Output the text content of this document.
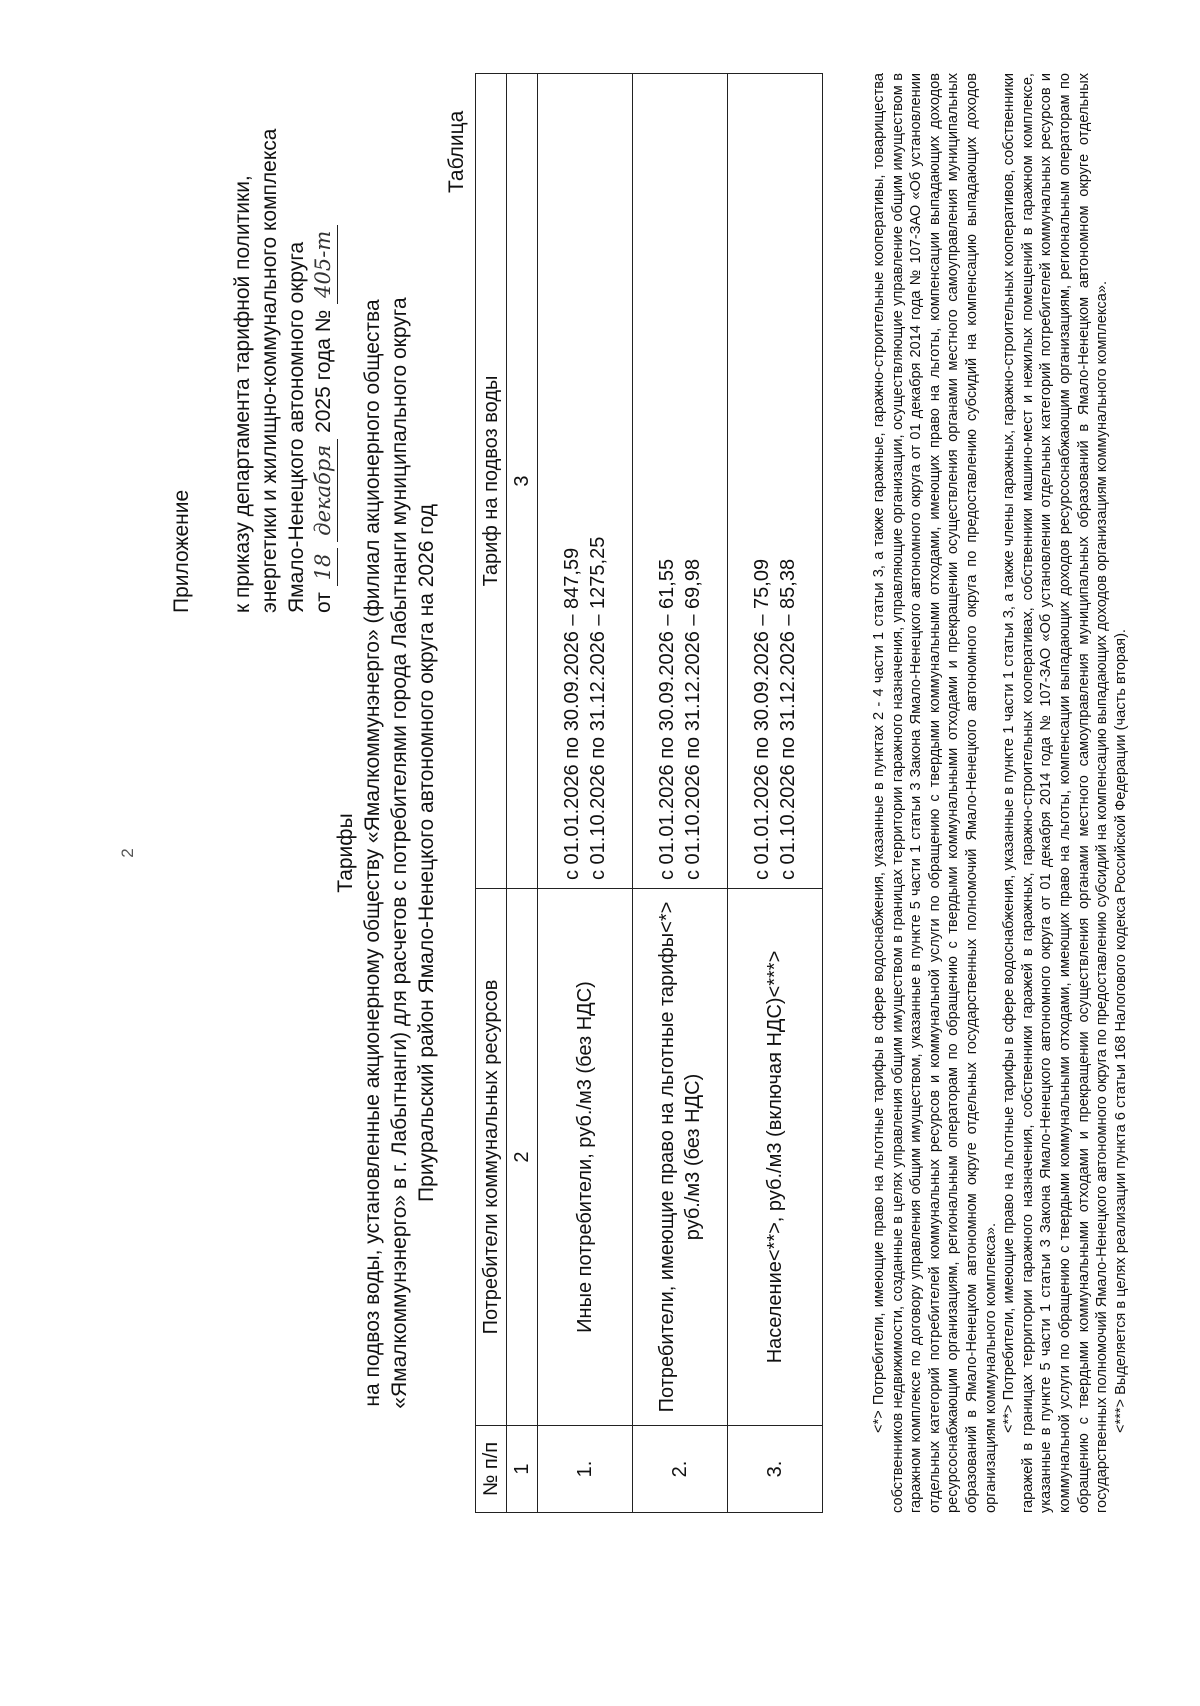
2
Приложение к приказу департамента тарифной политики, энергетики и жилищно-коммунального комплекса Ямало-Ненецкого автономного округа от 18 декабря 2025 года № 405-т
Тарифы на подвоз воды, установленные акционерному обществу «Ямалкоммунэнерго» (филиал акционерного общества «Ямалкоммунэнерго» в г. Лабытнанги) для расчетов с потребителями города Лабытнанги муниципального округа Приуральский район Ямало-Ненецкого автономного округа на 2026 год
Таблица
№ п/п	Потребители коммунальных ресурсов	Тариф на подвоз воды
1	2	3
1.	Иные потребители, руб./м3 (без НДС)	с 01.01.2026 по 30.09.2026 – 847,59 с 01.10.2026 по 31.12.2026 – 1275,25

2.	Потребители, имеющие право на льготные тарифы<*> руб./м3 (без НДС)	с 01.01.2026 по 30.09.2026 – 61,55 с 01.10.2026 по 31.12.2026 – 69,98

3.	Население<**>, руб./м3 (включая НДС)<***>	с 01.01.2026 по 30.09.2026 – 75,09 с 01.10.2026 по 31.12.2026 – 85,38	<*> Потребители, имеющие право на льготные тарифы в сфере водоснабжения, указанные в пунктах 2 - 4 части 1 статьи 3, а также гаражные, гаражно-строительные кооперативы, товарищества собственников недвижимости, созданные в целях управления общим имуществом в границах территории гаражного назначения, управляющие организации, осуществляющие управление общим имуществом в гаражном комплексе по договору управления общим имуществом, указанные в пункте 5 части 1 статьи 3 Закона Ямало-Ненецкого автономного округа от 01 декабря 2014 года № 107-ЗАО «Об установлении отдельных категорий потребителей коммунальных ресурсов и коммунальной услуги по обращению с твердыми коммунальными отходами, имеющих право на льготы, компенсации выпадающих доходов ресурсоснабжающим организациям, региональным операторам по обращению с твердыми коммунальными отходами и прекращении осуществления органами местного самоуправления муниципальных образований в Ямало-Ненецком автономном округе отдельных государственных полномочий Ямало-Ненецкого автономного округа по предоставлению субсидий на компенсацию выпадающих доходов организациям коммунального комплекса». <**> Потребители, имеющие право на льготные тарифы в сфере водоснабжения, указанные в пункте 1 части 1 статьи 3, а также члены гаражных, гаражно-строительных кооперативов, собственники гаражей в границах территории гаражного назначения, собственники гаражей в гаражных, гаражно-строительных кооперативах, собственники машино-мест и нежилых помещений в гаражном комплексе, указанные в пункте 5 части 1 статьи 3 Закона Ямало-Ненецкого автономного округа от 01 декабря 2014 года № 107-ЗАО «Об установлении отдельных категорий потребителей коммунальных ресурсов и коммунальной услуги по обращению с твердыми коммунальными отходами, имеющих право на льготы, компенсации выпадающих доходов ресурсоснабжающим организациям, региональным операторам по обращению с твердыми коммунальными отходами и прекращении осуществления органами местного самоуправления муниципальных образований в Ямало-Ненецком автономном округе отдельных государственных полномочий Ямало-Ненецкого автономного округа по предоставлению субсидий на компенсацию выпадающих доходов организациям коммунального комплекса». <***> Выделяется в целях реализации пункта 6 статьи 168 Налогового кодекса Российской Федерации (часть вторая).
